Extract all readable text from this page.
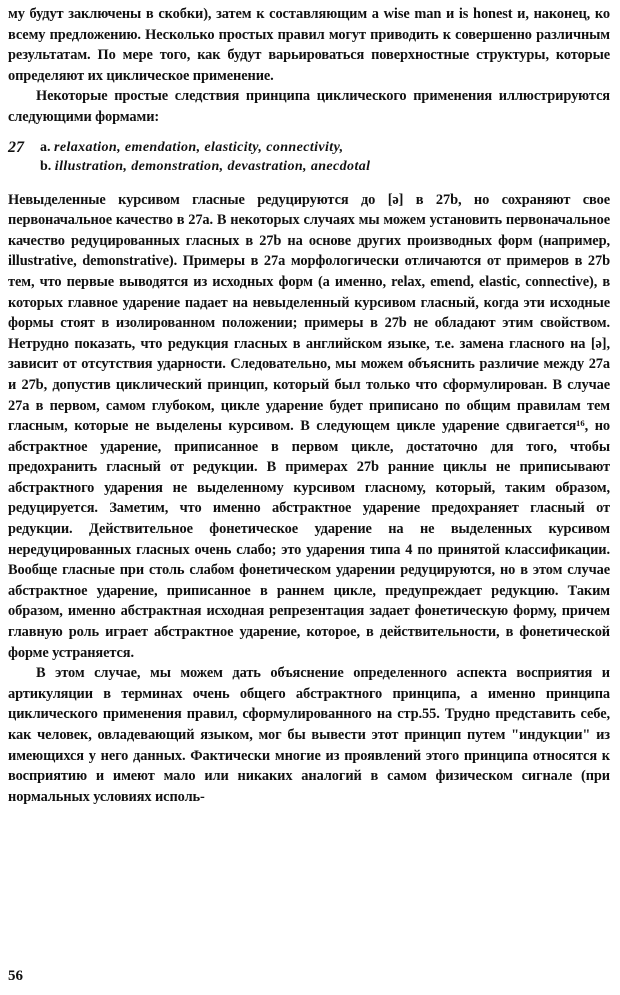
му будут заключены в скобки), затем к составляющим a wise man и is honest и, наконец, ко всему предложению. Несколько простых правил могут приводить к совершенно различным результатам. По мере того, как будут варьироваться поверхностные структуры, которые определяют их циклическое применение.

Некоторые простые следствия принципа циклического применения иллюстрируются следующими формами:

27	a. relaxation, emendation, elasticity, connectivity,
b. illustration, demonstration, devastration, anecdotal

Невыделенные курсивом гласные редуцируются до [ə] в 27b, но сохраняют свое первоначальное качество в 27a. В некоторых случаях мы можем установить первоначальное качество редуцированных гласных в 27b на основе других производных форм (например, illustrative, demonstrative). Примеры в 27a морфологически отличаются от примеров в 27b тем, что первые выводятся из исходных форм (а именно, relax, emend, elastic, connective), в которых главное ударение падает на невыделенный курсивом гласный, когда эти исходные формы стоят в изолированном положении; примеры в 27b не обладают этим свойством. Нетрудно показать, что редукция гласных в английском языке, т.е. замена гласного на [ə], зависит от отсутствия ударности. Следовательно, мы можем объяснить различие между 27a и 27b, допустив циклический принцип, который был только что сформулирован. В случае 27a в первом, самом глубоком, цикле ударение будет приписано по общим правилам тем гласным, которые не выделены курсивом. В следующем цикле ударение сдвигается¹⁶, но абстрактное ударение, приписанное в первом цикле, достаточно для того, чтобы предохранить гласный от редукции. В примерах 27b ранние циклы не приписывают абстрактного ударения не выделенному курсивом гласному, который, таким образом, редуцируется. Заметим, что именно абстрактное ударение предохраняет гласный от редукции. Действительное фонетическое ударение на не выделенных курсивом нередуцированных гласных очень слабо; это ударения типа 4 по принятой классификации. Вообще гласные при столь слабом фонетическом ударении редуцируются, но в этом случае абстрактное ударение, приписанное в раннем цикле, предупреждает редукцию. Таким образом, именно абстрактная исходная репрезентация задает фонетическую форму, причем главную роль играет абстрактное ударение, которое, в действительности, в фонетической форме устраняется.

В этом случае, мы можем дать объяснение определенного аспекта восприятия и артикуляции в терминах очень общего абстрактного принципа, а именно принципа циклического применения правил, сформулированного на стр.55. Трудно представить себе, как человек, овладевающий языком, мог бы вывести этот принцип путем "индукции" из имеющихся у него данных. Фактически многие из проявлений этого принципа относятся к восприятию и имеют мало или никаких аналогий в самом физическом сигнале (при нормальных условиях исполь-

56
